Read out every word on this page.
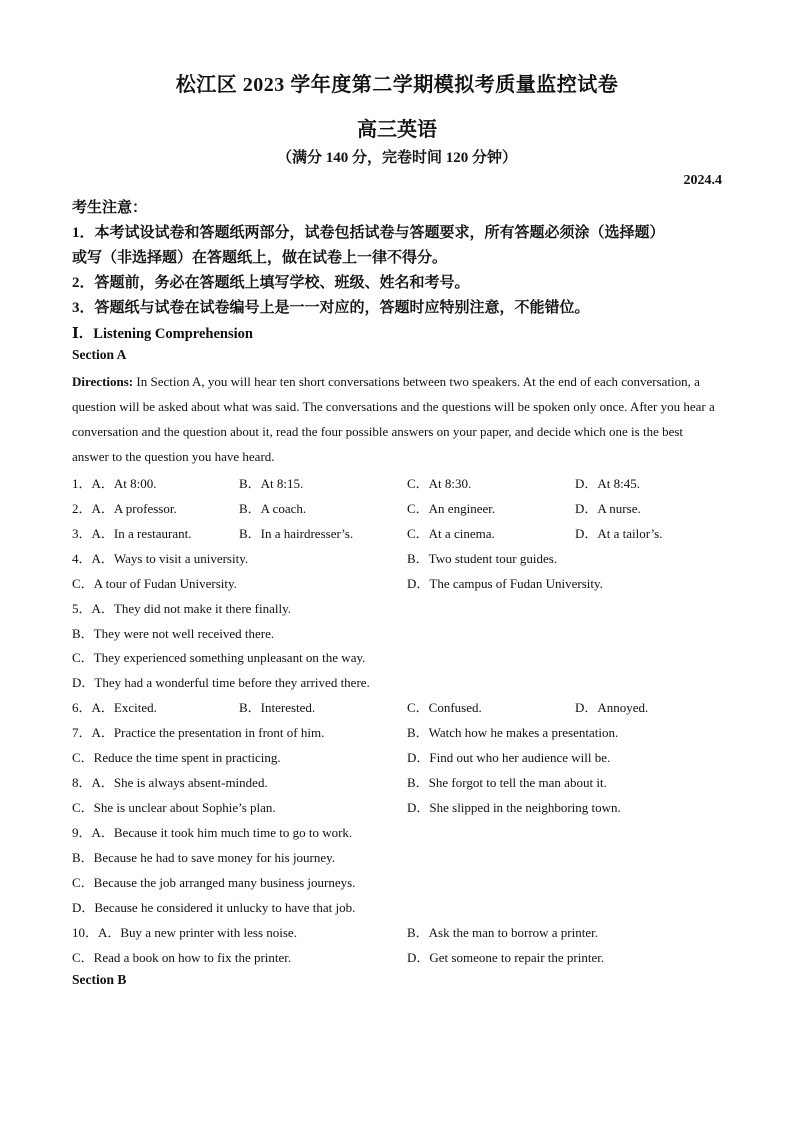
松江区 2023 学年度第二学期模拟考质量监控试卷
高三英语
（满分 140 分，完卷时间 120 分钟）
2024.4
考生注意：
1．本考试设试卷和答题纸两部分，试卷包括试卷与答题要求，所有答题必须涂（选择题）
或写（非选择题）在答题纸上，做在试卷上一律不得分。
2．答题前，务必在答题纸上填写学校、班级、姓名和考号。
3．答题纸与试卷在试卷编号上是一一对应的，答题时应特别注意，不能错位。
Ⅰ．Listening Comprehension
Section A
Directions: In Section A, you will hear ten short conversations between two speakers. At the end of each conversation, a question will be asked about what was said. The conversations and the questions will be spoken only once. After you hear a conversation and the question about it, read the four possible answers on your paper, and decide which one is the best answer to the question you have heard.
1．A．At 8:00.	B．At 8:15.	C．At 8:30.	D．At 8:45.
2．A．A professor.	B．A coach.	C．An engineer.	D．A nurse.
3．A．In a restaurant.	B．In a hairdresser’s.	C．At a cinema.	D．At a tailor’s.
4．A．Ways to visit a university.	B．Two student tour guides.
C．A tour of Fudan University.	D．The campus of Fudan University.
5．A．They did not make it there finally.
B．They were not well received there.
C．They experienced something unpleasant on the way.
D．They had a wonderful time before they arrived there.
6．A．Excited.	B．Interested.	C．Confused.	D．Annoyed.
7．A．Practice the presentation in front of him.	B．Watch how he makes a presentation.
C．Reduce the time spent in practicing.	D．Find out who her audience will be.
8．A．She is always absent-minded.	B．She forgot to tell the man about it.
C．She is unclear about Sophie’s plan.	D．She slipped in the neighboring town.
9．A．Because it took him much time to go to work.
B．Because he had to save money for his journey.
C．Because the job arranged many business journeys.
D．Because he considered it unlucky to have that job.
10．A．Buy a new printer with less noise.	B．Ask the man to borrow a printer.
C．Read a book on how to fix the printer.	D．Get someone to repair the printer.
Section B
